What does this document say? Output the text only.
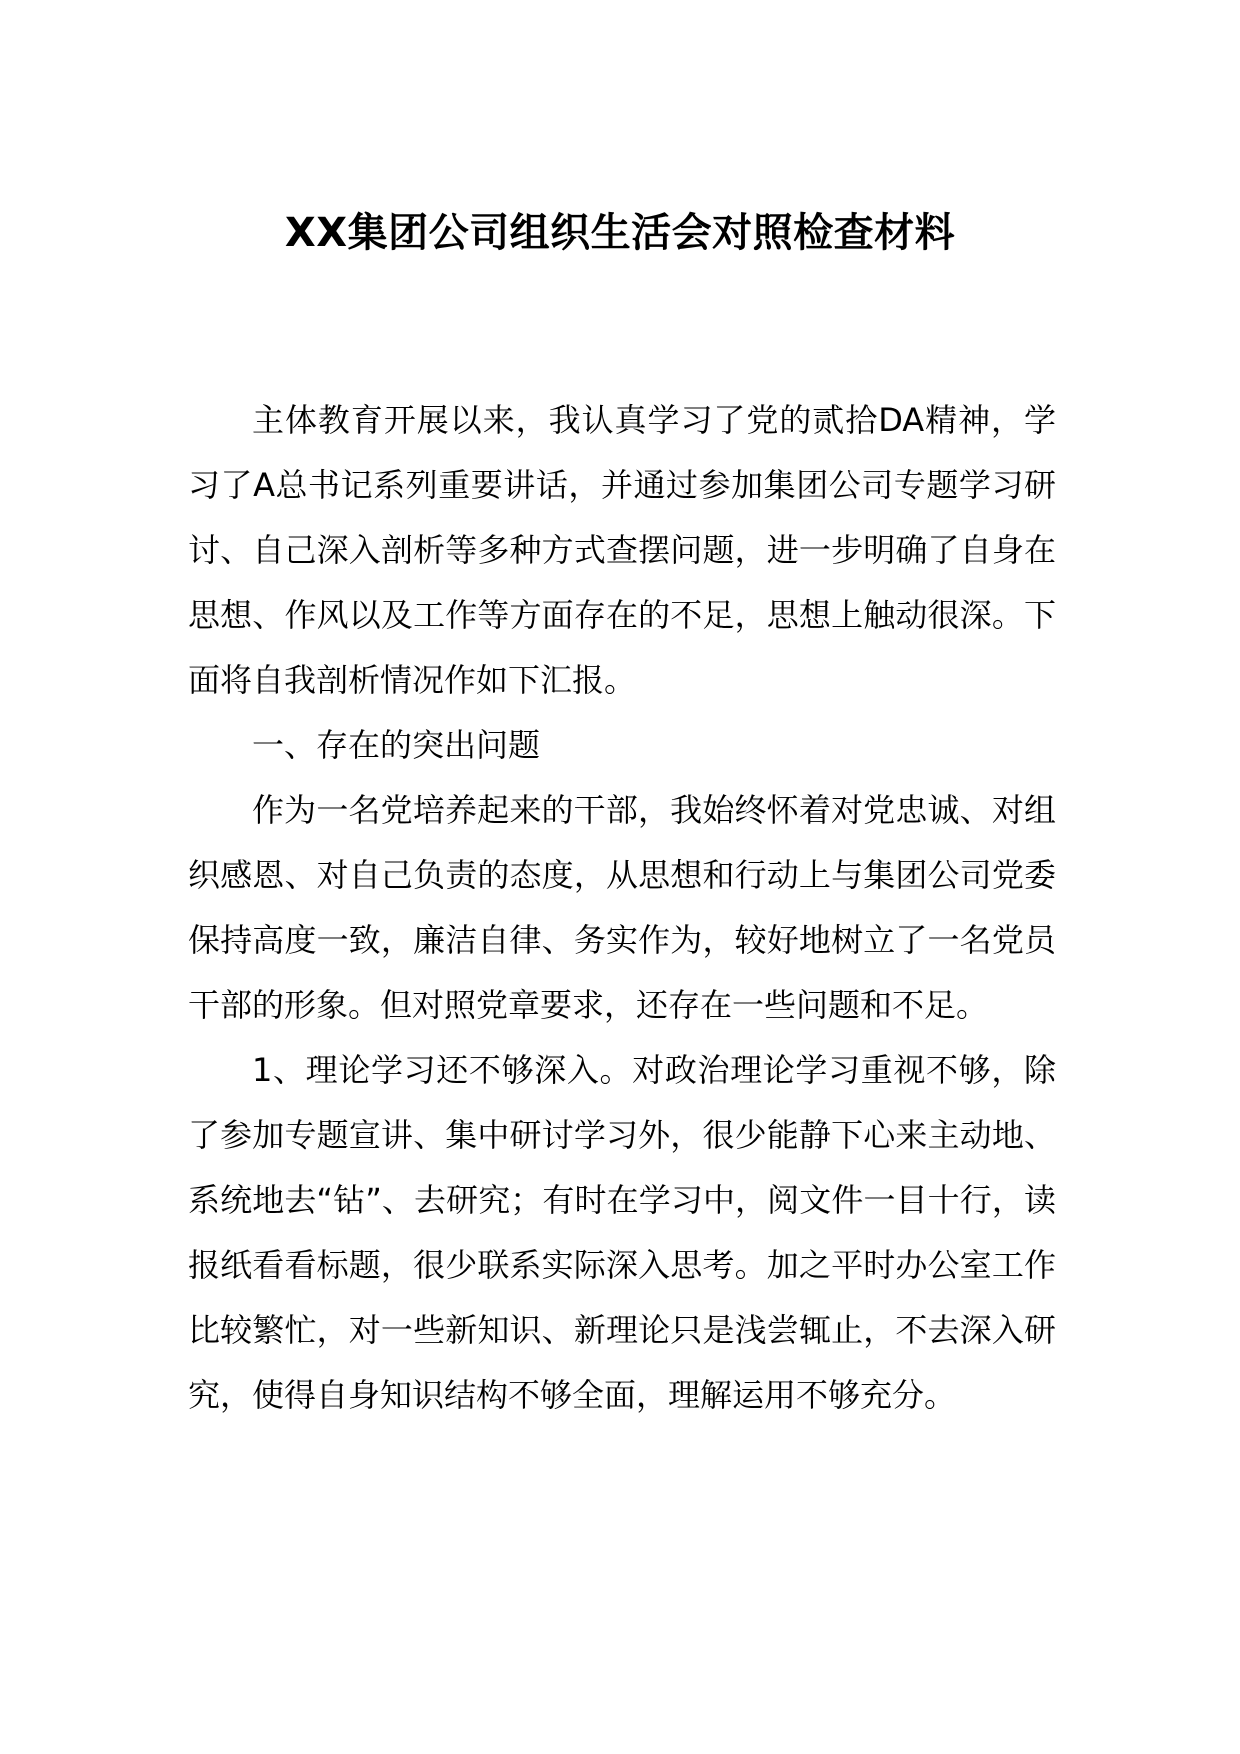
XX集团公司组织生活会对照检查材料

主体教育开展以来，我认真学习了党的贰拾DA精神，学习了A总书记系列重要讲话，并通过参加集团公司专题学习研讨、自己深入剖析等多种方式查摆问题，进一步明确了自身在思想、作风以及工作等方面存在的不足，思想上触动很深。下面将自我剖析情况作如下汇报。

一、存在的突出问题

作为一名党培养起来的干部，我始终怀着对党忠诚、对组织感恩、对自己负责的态度，从思想和行动上与集团公司党委保持高度一致，廉洁自律、务实作为，较好地树立了一名党员干部的形象。但对照党章要求，还存在一些问题和不足。

1、理论学习还不够深入。对政治理论学习重视不够，除了参加专题宣讲、集中研讨学习外，很少能静下心来主动地、系统地去“钻”、去研究；有时在学习中，阅文件一目十行，读报纸看看标题，很少联系实际深入思考。加之平时办公室工作比较繁忙，对一些新知识、新理论只是浅尝辄止，不去深入研究，使得自身知识结构不够全面，理解运用不够充分。
